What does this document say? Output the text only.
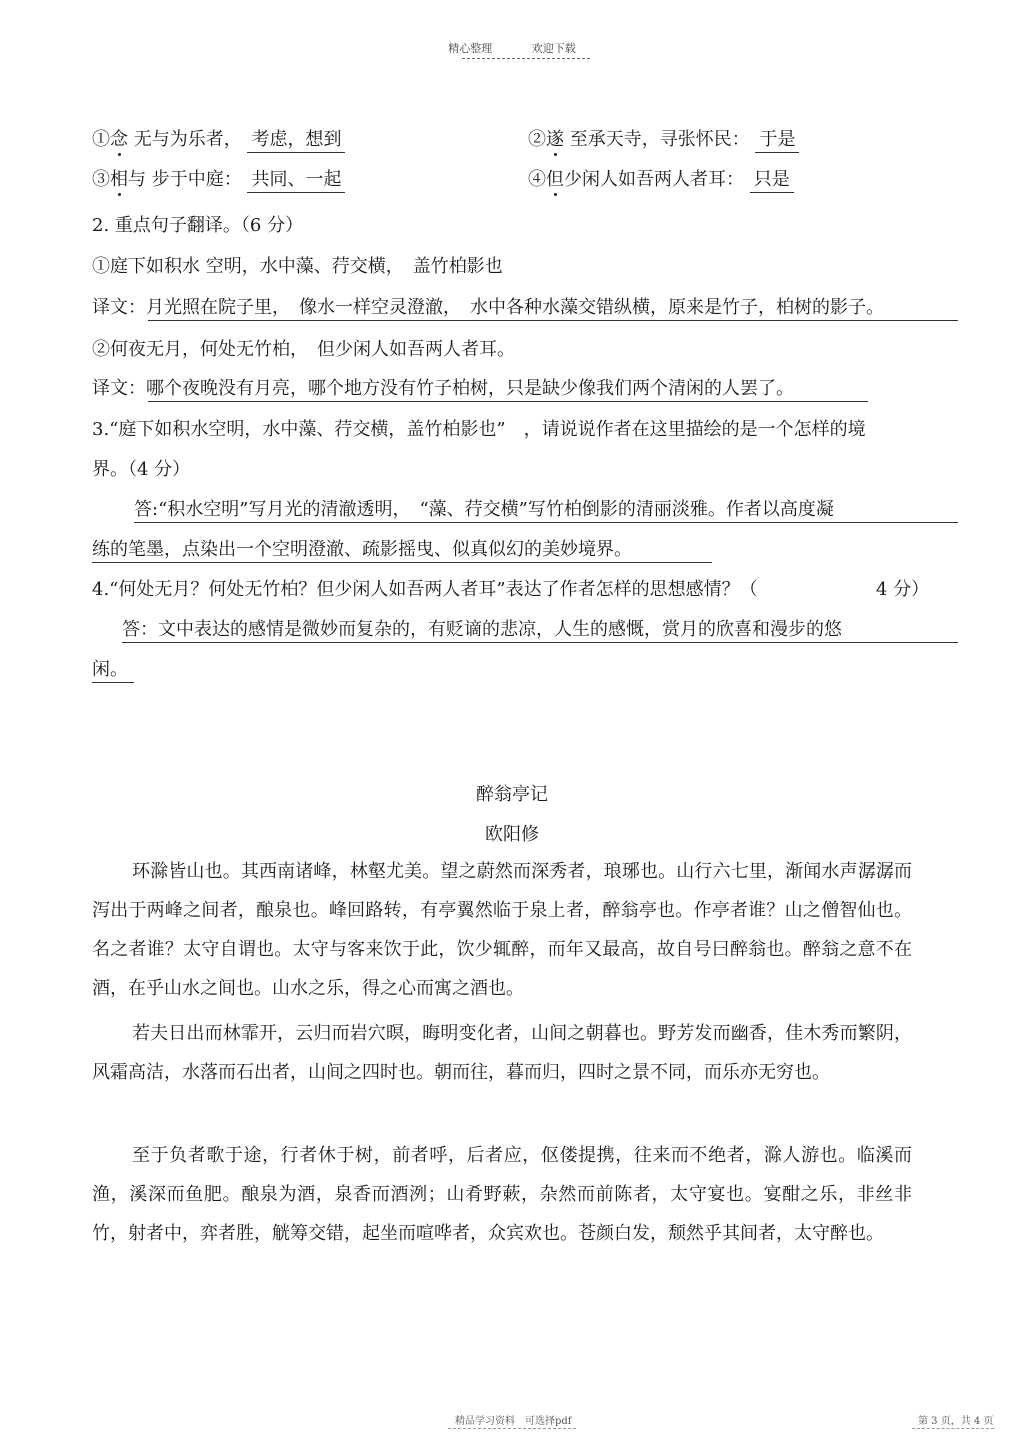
精心整理	欢迎下载
①念 无与为乐者， 考虑，想到	②遂 至承天寺，寻张怀民： 于是
③相与 步于中庭： 共同、一起	④但少闲人如吾两人者耳： 只是
2. 重点句子翻译。（6 分）
①庭下如积水 空明，水中藻、荇交横，　盖竹柏影也
译文：月光照在院子里，　像水一样空灵澄澈，　水中各种水藻交错纵横，原来是竹子，柏树的影子。
②何夜无月，何处无竹柏，　但少闲人如吾两人者耳。
译文：哪个夜晚没有月亮，哪个地方没有竹子柏树，只是缺少像我们两个清闲的人罢了。
3.“庭下如积水空明，水中藻、荇交横，盖竹柏影也”　，请说说作者在这里描绘的是一个怎样的境
界。（4 分）
答:“积水空明”写月光的清澈透明，　“藻、荇交横”写竹柏倒影的清丽淡雅。作者以高度凝
练的笔墨，点染出一个空明澄澈、疏影摇曳、似真似幻的美妙境界。
4.“何处无月？何处无竹柏？但少闲人如吾两人者耳”表达了作者怎样的思想感情？（	4 分）
答：文中表达的感情是微妙而复杂的，有贬谪的悲凉，人生的感慨，赏月的欣喜和漫步的悠
闲。
醉翁亭记
欧阳修
环滁皆山也。其西南诸峰，林壑尤美。望之蔚然而深秀者，琅琊也。山行六七里，渐闻水声潺潺而泻出于两峰之间者，酿泉也。峰回路转，有亭翼然临于泉上者，醉翁亭也。作亭者谁？山之僧智仙也。名之者谁？太守自谓也。太守与客来饮于此，饮少辄醉，而年又最高，故自号曰醉翁也。醉翁之意不在酒，在乎山水之间也。山水之乐，得之心而寓之酒也。
若夫日出而林霏开，云归而岩穴暝，晦明变化者，山间之朝暮也。野芳发而幽香，佳木秀而繁阴，风霜高洁，水落而石出者，山间之四时也。朝而往，暮而归，四时之景不同，而乐亦无穷也。
至于负者歌于途，行者休于树，前者呼，后者应，伛偻提携，往来而不绝者，滁人游也。临溪而渔，溪深而鱼肥。酿泉为酒，泉香而酒洌；山肴野蔌，杂然而前陈者，太守宴也。宴酣之乐，非丝非竹，射者中，弈者胜，觥筹交错，起坐而喧哗者，众宾欢也。苍颜白发，颓然乎其间者，太守醉也。
精品学习资料　可选择pdf	第 3 页，共 4 页
